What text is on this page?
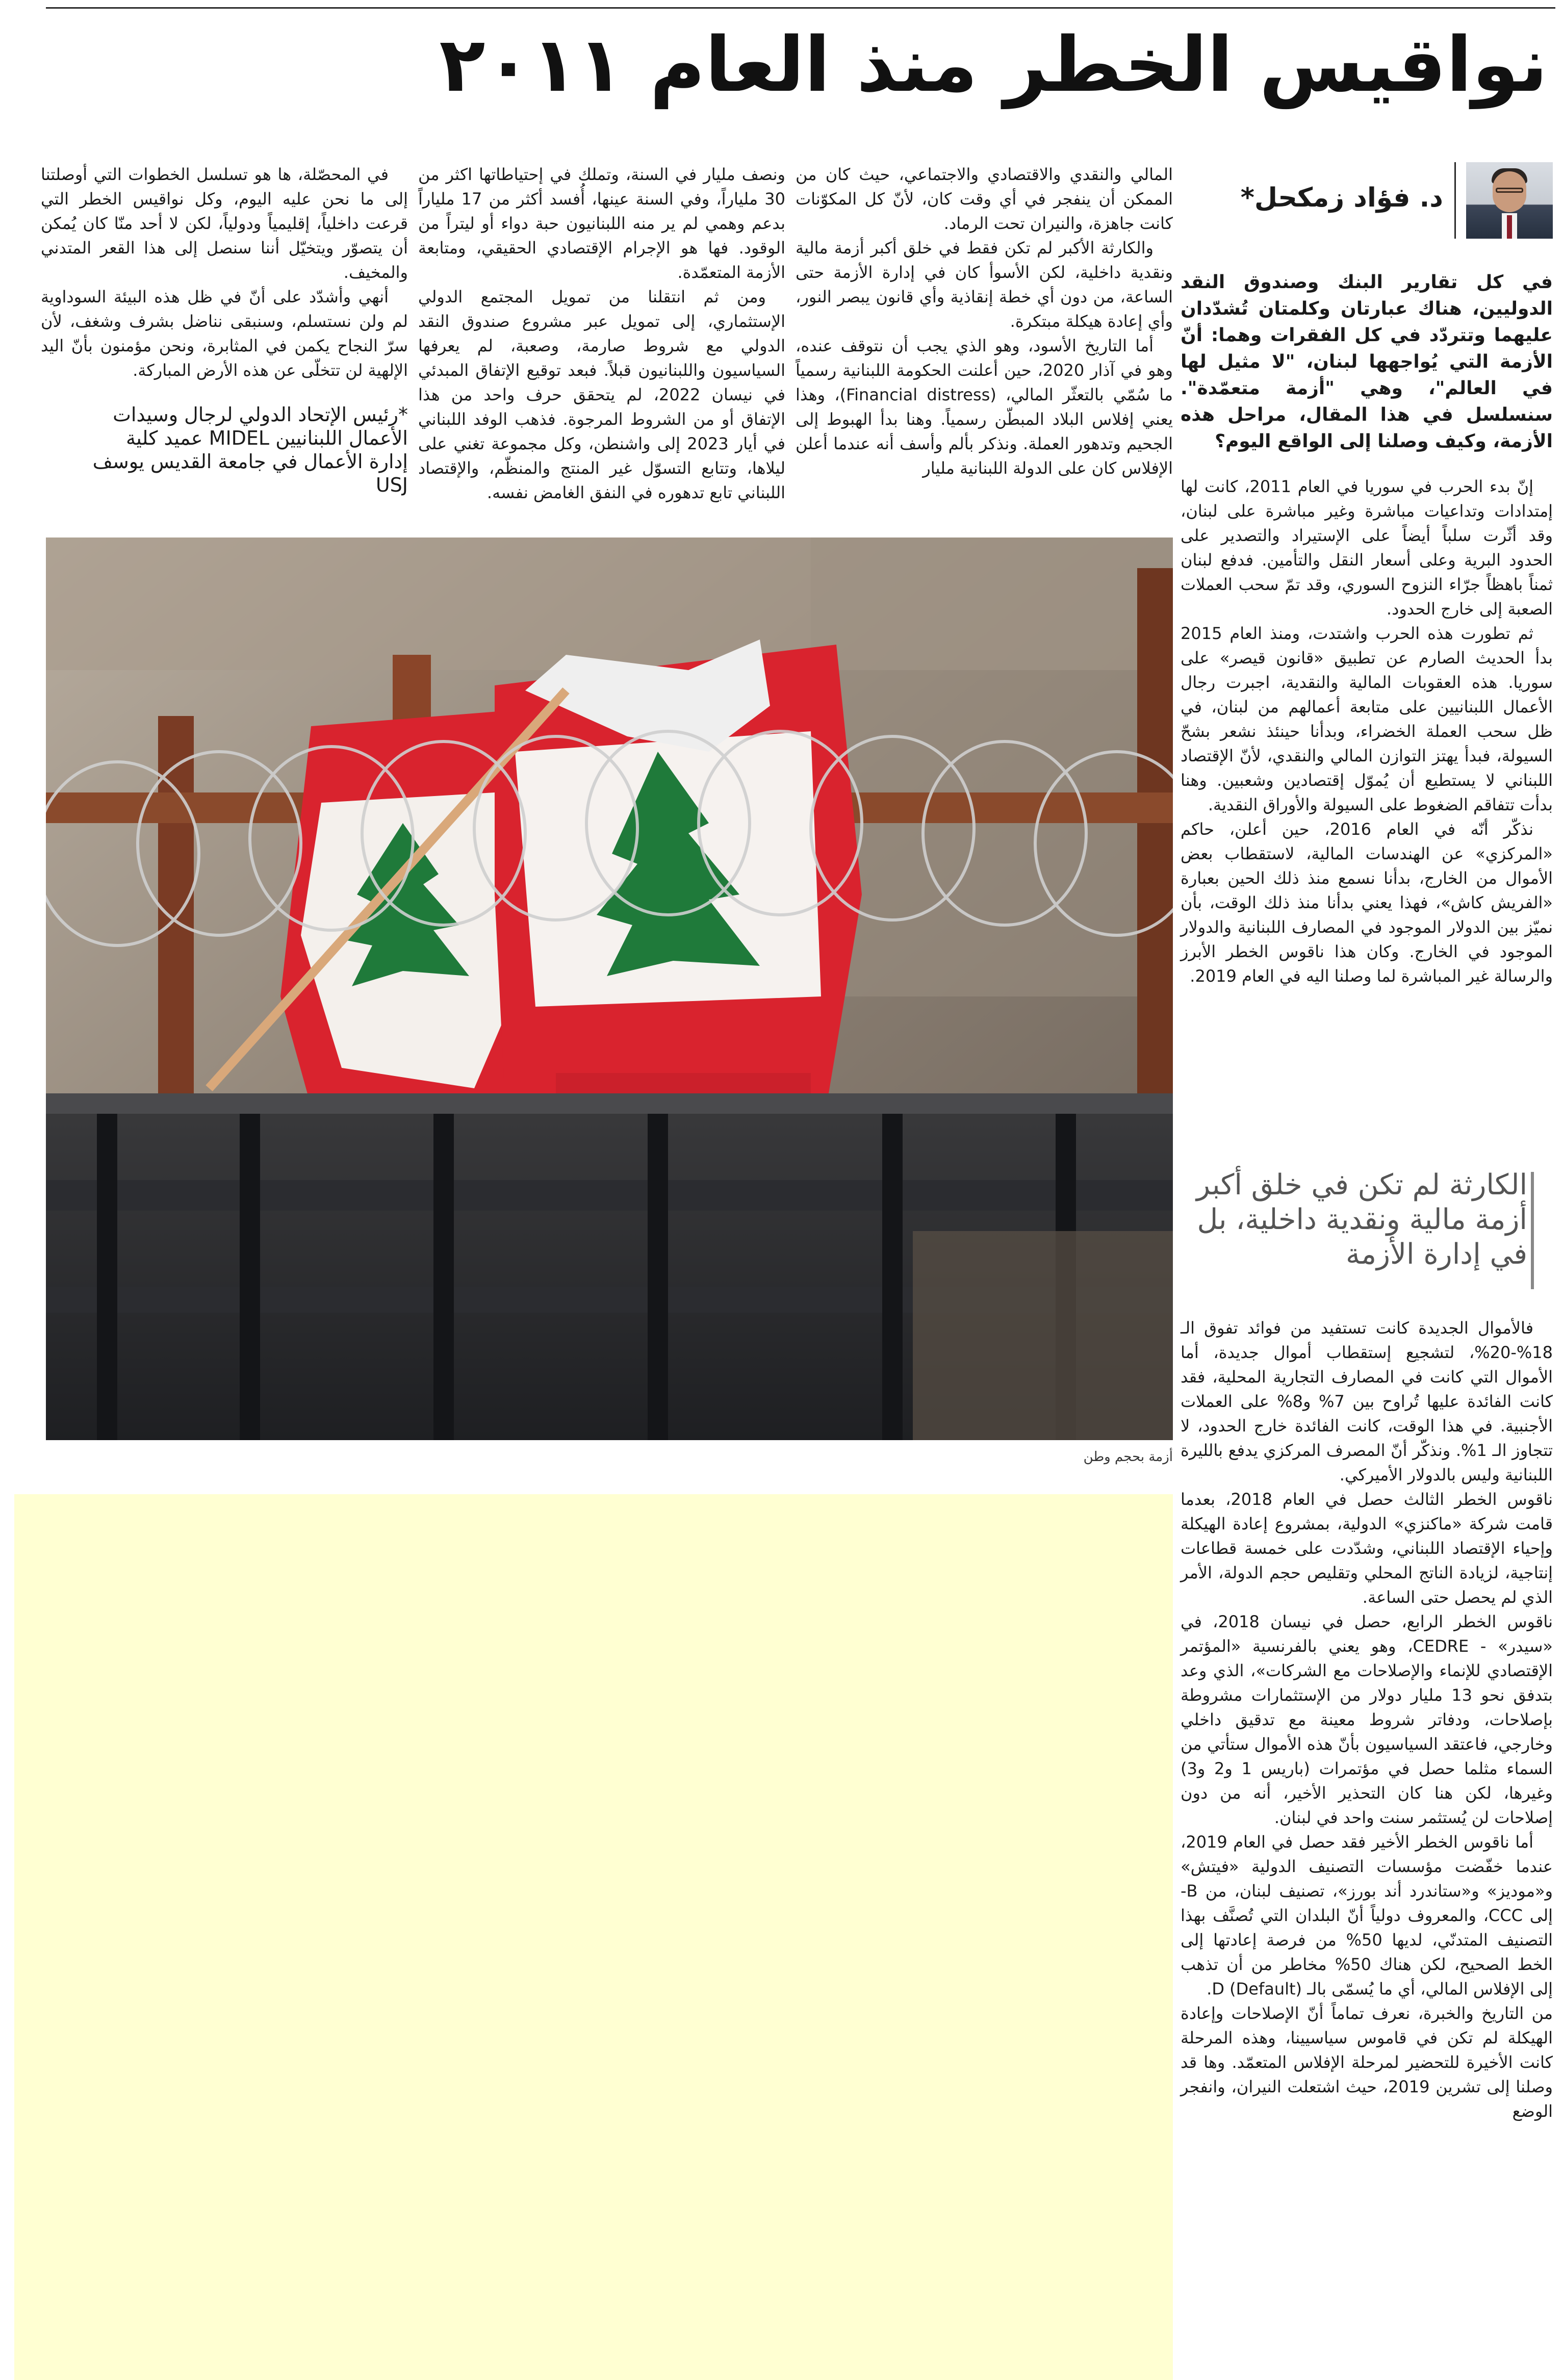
نواقيس الخطر منذ العام ٢٠١١
د. فؤاد زمكحل*
في كل تقارير البنك وصندوق النقد الدوليين، هناك عبارتان وكلمتان تُشدّدان عليهما وتتردّد في كل الفقرات وهما: أنّ الأزمة التي يُواجهها لبنان، "لا مثيل لها في العالم"، وهي "أزمة متعمّدة". سنسلسل في هذا المقال، مراحل هذه الأزمة، وكيف وصلنا إلى الواقع اليوم؟

إنّ بدء الحرب في سوريا في العام 2011، كانت لها إمتدادات وتداعيات مباشرة وغير مباشرة على لبنان، وقد أثّرت سلباً أيضاً على الإستيراد والتصدير على الحدود البرية وعلى أسعار النقل والتأمين. فدفع لبنان ثمناً باهظاً جرّاء النزوح السوري، وقد تمّ سحب العملات الصعبة إلى خارج الحدود.

ثم تطورت هذه الحرب واشتدت، ومنذ العام 2015 بدأ الحديث الصارم عن تطبيق «قانون قيصر» على سوريا. هذه العقوبات المالية والنقدية، اجبرت رجال الأعمال اللبنانيين على متابعة أعمالهم من لبنان، في ظل سحب العملة الخضراء، وبدأنا حينئذ نشعر بشحّ السيولة، فبدأ يهتز التوازن المالي والنقدي، لأنّ الإقتصاد اللبناني لا يستطيع أن يُموّل إقتصادين وشعبين. وهنا بدأت تتفاقم الضغوط على السيولة والأوراق النقدية.

نذكّر أنّه في العام 2016، حين أعلن، حاكم «المركزي» عن الهندسات المالية، لاستقطاب بعض الأموال من الخارج، بدأنا نسمع منذ ذلك الحين بعبارة «الفريش كاش»، فهذا يعني بدأنا منذ ذلك الوقت، بأن نميّز بين الدولار الموجود في المصارف اللبنانية والدولار الموجود في الخارج. وكان هذا ناقوس الخطر الأبرز والرسالة غير المباشرة لما وصلنا اليه في العام 2019.

الكارثة لم تكن في خلق أكبر أزمة مالية ونقدية داخلية، بل في إدارة الأزمة

فالأموال الجديدة كانت تستفيد من فوائد تفوق الـ 18%-20%، لتشجيع إستقطاب أموال جديدة، أما الأموال التي كانت في المصارف التجارية المحلية، فقد كانت الفائدة عليها تُراوح بين 7% و8% على العملات الأجنبية. في هذا الوقت، كانت الفائدة خارج الحدود، لا تتجاوز الـ 1%. ونذكّر أنّ المصرف المركزي يدفع بالليرة اللبنانية وليس بالدولار الأميركي.

ناقوس الخطر الثالث حصل في العام 2018، بعدما قامت شركة «ماكنزي» الدولية، بمشروع إعادة الهيكلة وإحياء الإقتصاد اللبناني، وشدّدت على خمسة قطاعات إنتاجية، لزيادة الناتج المحلي وتقليص حجم الدولة، الأمر الذي لم يحصل حتى الساعة.

ناقوس الخطر الرابع، حصل في نيسان 2018، في «سيدر» - CEDRE، وهو يعني بالفرنسية «المؤتمر الإقتصادي للإنماء والإصلاحات مع الشركات»، الذي وعد بتدفق نحو 13 مليار دولار من الإستثمارات مشروطة بإصلاحات، ودفاتر شروط معينة مع تدقيق داخلي وخارجي، فاعتقد السياسيون بأنّ هذه الأموال ستأتي من السماء مثلما حصل في مؤتمرات (باريس 1 و2 و3) وغيرها، لكن هنا كان التحذير الأخير، أنه من دون إصلاحات لن يُستثمر سنت واحد في لبنان.

أما ناقوس الخطر الأخير فقد حصل في العام 2019، عندما خفّضت مؤسسات التصنيف الدولية «فيتش» و«موديز» و«ستاندرد أند بورز»، تصنيف لبنان، من B- إلى CCC، والمعروف دولياً أنّ البلدان التي تُصنَّف بهذا التصنيف المتدنّي، لديها 50% من فرصة إعادتها إلى الخط الصحيح، لكن هناك 50% مخاطر من أن تذهب إلى الإفلاس المالي، أي ما يُسمّى بالـ D (Default).

من التاريخ والخبرة، نعرف تماماً أنّ الإصلاحات وإعادة الهيكلة لم تكن في قاموس سياسيينا، وهذه المرحلة كانت الأخيرة للتحضير لمرحلة الإفلاس المتعمّد. وها قد وصلنا إلى تشرين 2019، حيث اشتعلت النيران، وانفجر الوضع

المالي والنقدي والاقتصادي والاجتماعي، حيث كان من الممكن أن ينفجر في أي وقت كان، لأنّ كل المكوّنات كانت جاهزة، والنيران تحت الرماد.

والكارثة الأكبر لم تكن فقط في خلق أكبر أزمة مالية ونقدية داخلية، لكن الأسوأ كان في إدارة الأزمة حتى الساعة، من دون أي خطة إنقاذية وأي قانون يبصر النور، وأي إعادة هيكلة مبتكرة.

أما التاريخ الأسود، وهو الذي يجب أن نتوقف عنده، وهو في آذار 2020، حين أعلنت الحكومة اللبنانية رسمياً ما سُمّي بالتعثّر المالي، (Financial distress)، وهذا يعني إفلاس البلاد المبطّن رسمياً. وهنا بدأ الهبوط إلى الجحيم وتدهور العملة. ونذكر بألم وأسف أنه عندما أعلن الإفلاس كان على الدولة اللبنانية مليار

ونصف مليار في السنة، وتملك في إحتياطاتها اكثر من 30 ملياراً، وفي السنة عينها، أُفسد أكثر من 17 ملياراً بدعم وهمي لم ير منه اللبنانيون حبة دواء أو ليتراً من الوقود. فها هو الإجرام الإقتصادي الحقيقي، ومتابعة الأزمة المتعمّدة.

ومن ثم انتقلنا من تمويل المجتمع الدولي الإستثماري، إلى تمويل عبر مشروع صندوق النقد الدولي مع شروط صارمة، وصعبة، لم يعرفها السياسيون واللبنانيون قبلاً. فبعد توقيع الإتفاق المبدئي في نيسان 2022، لم يتحقق حرف واحد من هذا الإتفاق أو من الشروط المرجوة. فذهب الوفد اللبناني في أيار 2023 إلى واشنطن، وكل مجموعة تغني على ليلاها، وتتابع التسوّل غير المنتج والمنظّم، والإقتصاد اللبناني تابع تدهوره في النفق الغامض نفسه.

في المحصّلة، ها هو تسلسل الخطوات التي أوصلتنا إلى ما نحن عليه اليوم، وكل نواقيس الخطر التي قرعت داخلياً، إقليمياً ودولياً، لكن لا أحد منّا كان يُمكن أن يتصوّر ويتخيّل أننا سنصل إلى هذا القعر المتدني والمخيف.

أنهي وأشدّد على أنّ في ظل هذه البيئة السوداوية لم ولن نستسلم، وسنبقى نناضل بشرف وشغف، لأن سرّ النجاح يكمن في المثابرة، ونحن مؤمنون بأنّ اليد الإلهية لن تتخلّى عن هذه الأرض المباركة.

*رئيس الإتحاد الدولي لرجال وسيدات الأعمال اللبنانيين MIDEL عميد كلية إدارة الأعمال في جامعة القديس يوسف USJ
أزمة بحجم وطن
